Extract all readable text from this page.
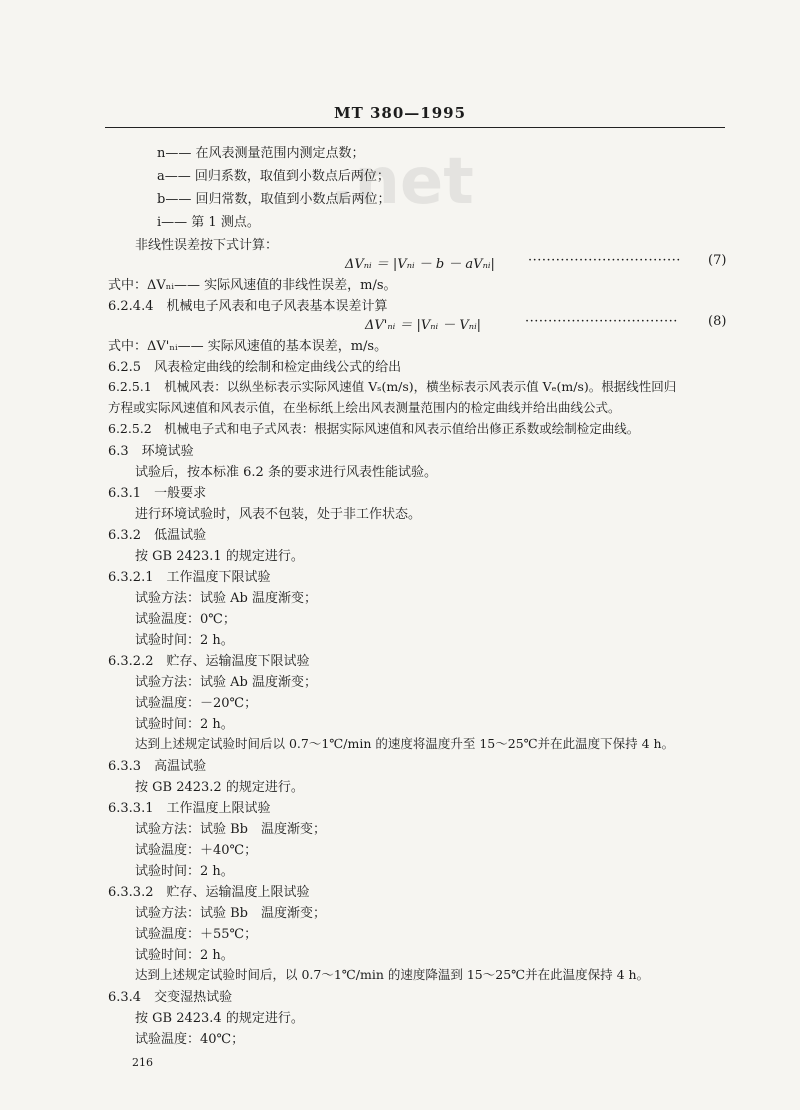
MT 380—1995
.net
n—— 在风表测量范围内测定点数；
a—— 回归系数，取值到小数点后两位；
b—— 回归常数，取值到小数点后两位；
i—— 第 1 测点。
非线性误差按下式计算：
ΔVₙᵢ ＝ |Vₙᵢ － b － aVₙᵢ|	································· (7)
式中：ΔVₙᵢ—— 实际风速值的非线性误差，m/s。
6.2.4.4　机械电子风表和电子风表基本误差计算
ΔV'ₙᵢ ＝ |Vₙᵢ － Vₙᵢ|	································· (8)
式中：ΔV'ₙᵢ—— 实际风速值的基本误差，m/s。
6.2.5　风表检定曲线的绘制和检定曲线公式的给出
6.2.5.1　机械风表：以纵坐标表示实际风速值 Vₛ(m/s)，横坐标表示风表示值 Vₑ(m/s)。根据线性回归
方程或实际风速值和风表示值，在坐标纸上绘出风表测量范围内的检定曲线并给出曲线公式。
6.2.5.2　机械电子式和电子式风表：根据实际风速值和风表示值给出修正系数或绘制检定曲线。
6.3　环境试验
试验后，按本标准 6.2 条的要求进行风表性能试验。
6.3.1　一般要求
进行环境试验时，风表不包装，处于非工作状态。
6.3.2　低温试验
按 GB 2423.1 的规定进行。
6.3.2.1　工作温度下限试验
试验方法：试验 Ab 温度渐变；
试验温度：0℃；
试验时间：2 h。
6.3.2.2　贮存、运输温度下限试验
试验方法：试验 Ab 温度渐变；
试验温度：－20℃；
试验时间：2 h。
达到上述规定试验时间后以 0.7～1℃/min 的速度将温度升至 15～25℃并在此温度下保持 4 h。
6.3.3　高温试验
按 GB 2423.2 的规定进行。
6.3.3.1　工作温度上限试验
试验方法：试验 Bb　温度渐变；
试验温度：＋40℃；
试验时间：2 h。
6.3.3.2　贮存、运输温度上限试验
试验方法：试验 Bb　温度渐变；
试验温度：＋55℃；
试验时间：2 h。
达到上述规定试验时间后，以 0.7～1℃/min 的速度降温到 15～25℃并在此温度保持 4 h。
6.3.4　交变湿热试验
按 GB 2423.4 的规定进行。
试验温度：40℃；
216
